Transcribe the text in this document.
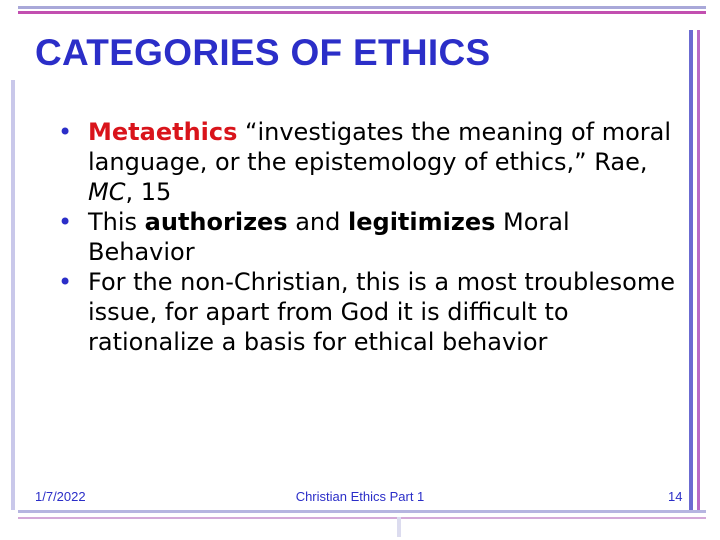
CATEGORIES OF ETHICS
• Metaethics “investigates the meaning of moral language, or the epistemology of ethics,” Rae, MC, 15
• This authorizes and legitimizes Moral Behavior
• For the non-Christian, this is a most troublesome issue, for apart from God it is difficult to rationalize a basis for ethical behavior
1/7/2022	Christian Ethics Part 1	14
